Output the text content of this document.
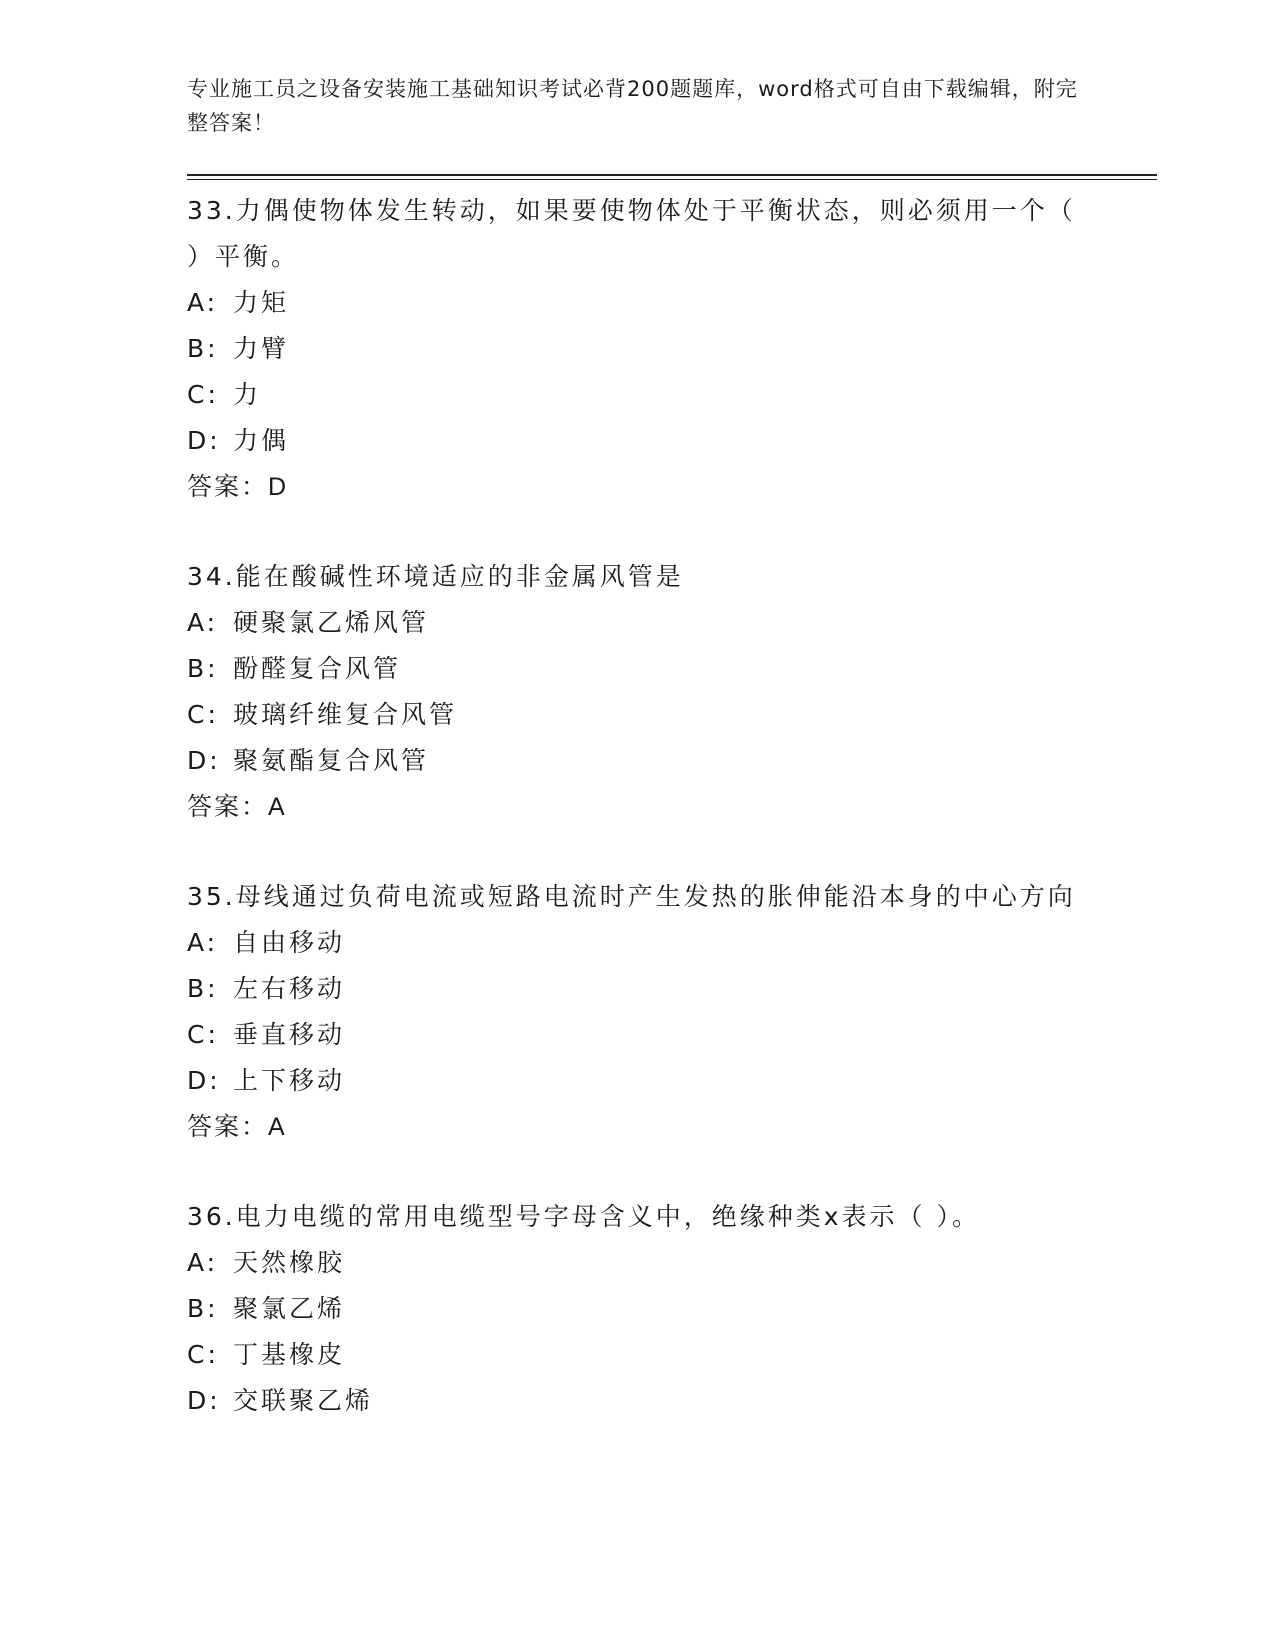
专业施工员之设备安装施工基础知识考试必背200题题库，word格式可自由下载编辑，附完整答案！
33.力偶使物体发生转动，如果要使物体处于平衡状态，则必须用一个（ ）平衡。
A: 力矩
B: 力臂
C: 力
D: 力偶
答案：D
34.能在酸碱性环境适应的非金属风管是
A: 硬聚氯乙烯风管
B: 酚醛复合风管
C: 玻璃纤维复合风管
D: 聚氨酯复合风管
答案：A
35.母线通过负荷电流或短路电流时产生发热的胀伸能沿本身的中心方向
A: 自由移动
B: 左右移动
C: 垂直移动
D: 上下移动
答案：A
36.电力电缆的常用电缆型号字母含义中，绝缘种类x表示（ ）。
A: 天然橡胶
B: 聚氯乙烯
C: 丁基橡皮
D: 交联聚乙烯
